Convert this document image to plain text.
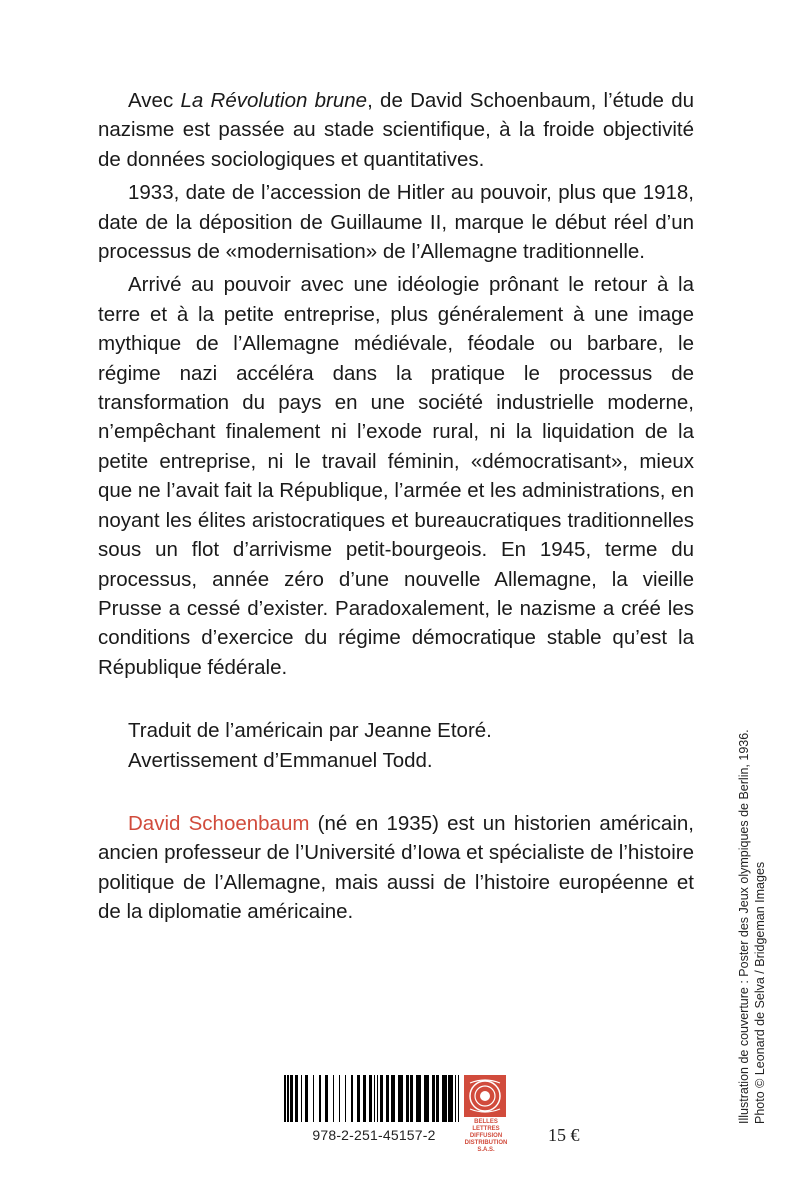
Avec La Révolution brune, de David Schoenbaum, l’étude du nazisme est passée au stade scientifique, à la froide objectivité de données sociologiques et quantitatives.

1933, date de l’accession de Hitler au pouvoir, plus que 1918, date de la déposition de Guillaume II, marque le début réel d’un processus de «modernisation» de l’Allemagne traditionnelle.

Arrivé au pouvoir avec une idéologie prônant le retour à la terre et à la petite entreprise, plus généralement à une image mythique de l’Allemagne médiévale, féodale ou barbare, le régime nazi accéléra dans la pratique le processus de transformation du pays en une société industrielle moderne, n’empêchant finalement ni l’exode rural, ni la liquidation de la petite entreprise, ni le travail féminin, «démocratisant», mieux que ne l’avait fait la République, l’armée et les administrations, en noyant les élites aristocratiques et bureaucratiques traditionnelles sous un flot d’arrivisme petit-bourgeois. En 1945, terme du processus, année zéro d’une nouvelle Allemagne, la vieille Prusse a cessé d’exister. Paradoxalement, le nazisme a créé les conditions d’exercice du régime démocratique stable qu’est la République fédérale.

Traduit de l’américain par Jeanne Etoré.
Avertissement d’Emmanuel Todd.

David Schoenbaum (né en 1935) est un historien américain, ancien professeur de l’Université d’Iowa et spécialiste de l’histoire politique de l’Allemagne, mais aussi de l’histoire européenne et de la diplomatie américaine.	Illustration de couverture : Poster des Jeux olympiques de Berlin, 1936. Photo © Leonard de Selva / Bridgeman Images
978-2-251-45157-2
BELLES LETTRES
DIFFUSION
DISTRIBUTION
S.A.S.
15 €
